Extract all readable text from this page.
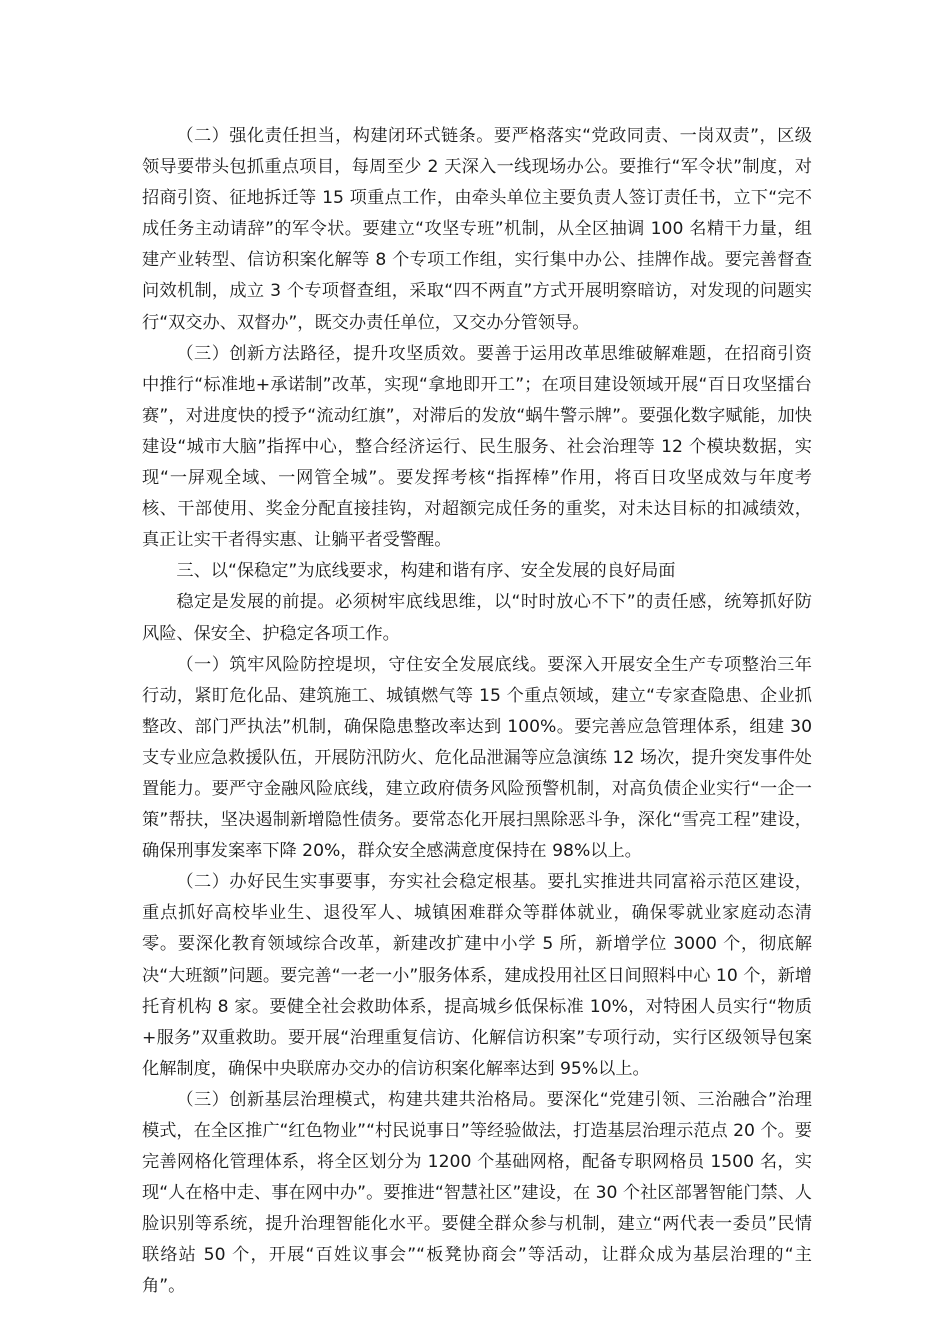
（二）强化责任担当，构建闭环式链条。要严格落实“党政同责、一岗双责”，区级领导要带头包抓重点项目，每周至少 2 天深入一线现场办公。要推行“军令状”制度，对招商引资、征地拆迁等 15 项重点工作，由牵头单位主要负责人签订责任书，立下“完不成任务主动请辞”的军令状。要建立“攻坚专班”机制，从全区抽调 100 名精干力量，组建产业转型、信访积案化解等 8 个专项工作组，实行集中办公、挂牌作战。要完善督查问效机制，成立 3 个专项督查组，采取“四不两直”方式开展明察暗访，对发现的问题实行“双交办、双督办”，既交办责任单位，又交办分管领导。

（三）创新方法路径，提升攻坚质效。要善于运用改革思维破解难题，在招商引资中推行“标准地+承诺制”改革，实现“拿地即开工”；在项目建设领域开展“百日攻坚擂台赛”，对进度快的授予“流动红旗”，对滞后的发放“蜗牛警示牌”。要强化数字赋能，加快建设“城市大脑”指挥中心，整合经济运行、民生服务、社会治理等 12 个模块数据，实现“一屏观全域、一网管全城”。要发挥考核“指挥棒”作用，将百日攻坚成效与年度考核、干部使用、奖金分配直接挂钩，对超额完成任务的重奖，对未达目标的扣减绩效，真正让实干者得实惠、让躺平者受警醒。

三、以“保稳定”为底线要求，构建和谐有序、安全发展的良好局面

稳定是发展的前提。必须树牢底线思维，以“时时放心不下”的责任感，统筹抓好防风险、保安全、护稳定各项工作。

（一）筑牢风险防控堤坝，守住安全发展底线。要深入开展安全生产专项整治三年行动，紧盯危化品、建筑施工、城镇燃气等 15 个重点领域，建立“专家查隐患、企业抓整改、部门严执法”机制，确保隐患整改率达到 100%。要完善应急管理体系，组建 30 支专业应急救援队伍，开展防汛防火、危化品泄漏等应急演练 12 场次，提升突发事件处置能力。要严守金融风险底线，建立政府债务风险预警机制，对高负债企业实行“一企一策”帮扶，坚决遏制新增隐性债务。要常态化开展扫黑除恶斗争，深化“雪亮工程”建设，确保刑事发案率下降 20%，群众安全感满意度保持在 98%以上。

（二）办好民生实事要事，夯实社会稳定根基。要扎实推进共同富裕示范区建设，重点抓好高校毕业生、退役军人、城镇困难群众等群体就业，确保零就业家庭动态清零。要深化教育领域综合改革，新建改扩建中小学 5 所，新增学位 3000 个，彻底解决“大班额”问题。要完善“一老一小”服务体系，建成投用社区日间照料中心 10 个，新增托育机构 8 家。要健全社会救助体系，提高城乡低保标准 10%，对特困人员实行“物质+服务”双重救助。要开展“治理重复信访、化解信访积案”专项行动，实行区级领导包案化解制度，确保中央联席办交办的信访积案化解率达到 95%以上。

（三）创新基层治理模式，构建共建共治格局。要深化“党建引领、三治融合”治理模式，在全区推广“红色物业”“村民说事日”等经验做法，打造基层治理示范点 20 个。要完善网格化管理体系，将全区划分为 1200 个基础网格，配备专职网格员 1500 名，实现“人在格中走、事在网中办”。要推进“智慧社区”建设，在 30 个社区部署智能门禁、人脸识别等系统，提升治理智能化水平。要健全群众参与机制，建立“两代表一委员”民情联络站 50 个，开展“百姓议事会”“板凳协商会”等活动，让群众成为基层治理的“主角”。
